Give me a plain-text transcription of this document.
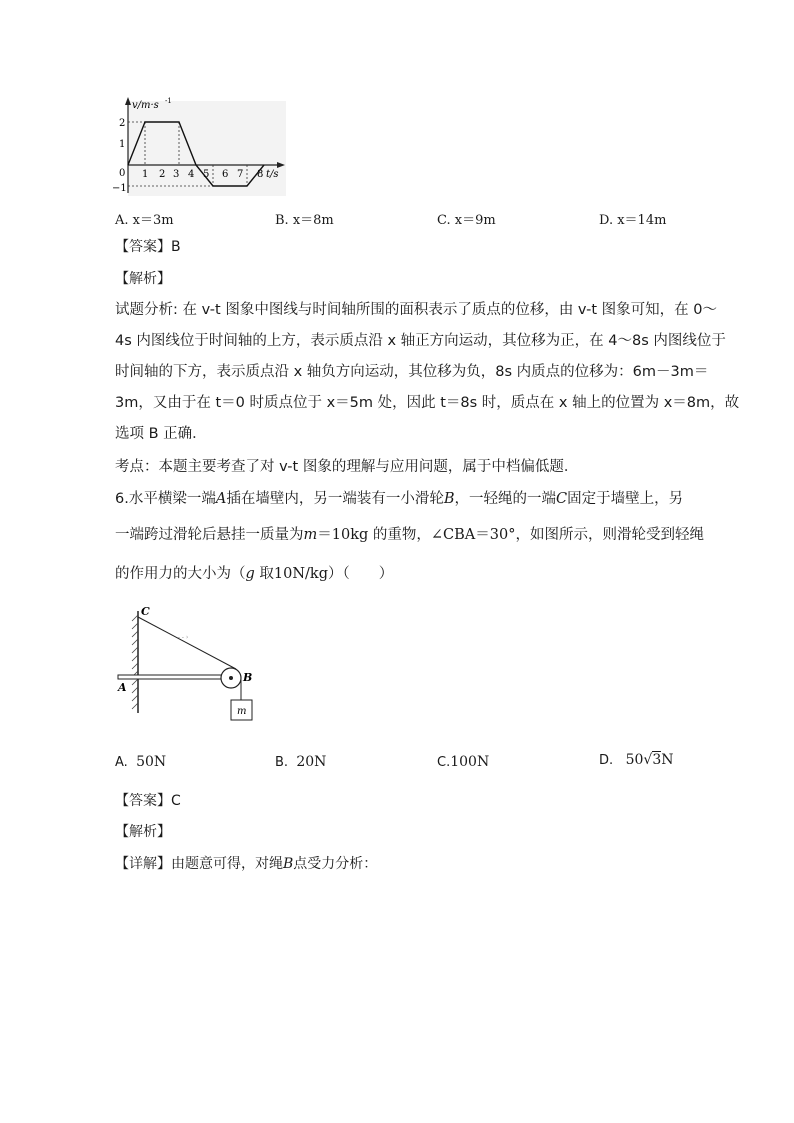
v/m·s -1
2
1
0
−1
1 2 3 4 5 6 7 8 t/s
A. x＝3m	B. x＝8m	C. x＝9m	D. x＝14m
【答案】B
【解析】
试题分析: 在 v-t 图象中图线与时间轴所围的面积表示了质点的位移，由 v-t 图象可知，在 0～
4s 内图线位于时间轴的上方，表示质点沿 x 轴正方向运动，其位移为正，在 4～8s 内图线位于
时间轴的下方，表示质点沿 x 轴负方向运动，其位移为负，8s 内质点的位移为：6m－3m＝
3m，又由于在 t＝0 时质点位于 x＝5m 处，因此 t＝8s 时，质点在 x 轴上的位置为 x＝8m，故
选项 B 正确．
考点：本题主要考查了对 v-t 图象的理解与应用问题，属于中档偏低题．
6.水平横梁一端A插在墙壁内，另一端装有一小滑轮B，一轻绳的一端C固定于墙壁上，另
一端跨过滑轮后悬挂一质量为m＝10kg 的重物，∠CBA＝30°，如图所示，则滑轮受到轻绳
的作用力的大小为（g 取10N/kg）（　　）
- - ›
C
A
B
m
A. 50N	B. 20N	C.100N	D. 50√3N
【答案】C
【解析】
【详解】由题意可得，对绳B点受力分析：
